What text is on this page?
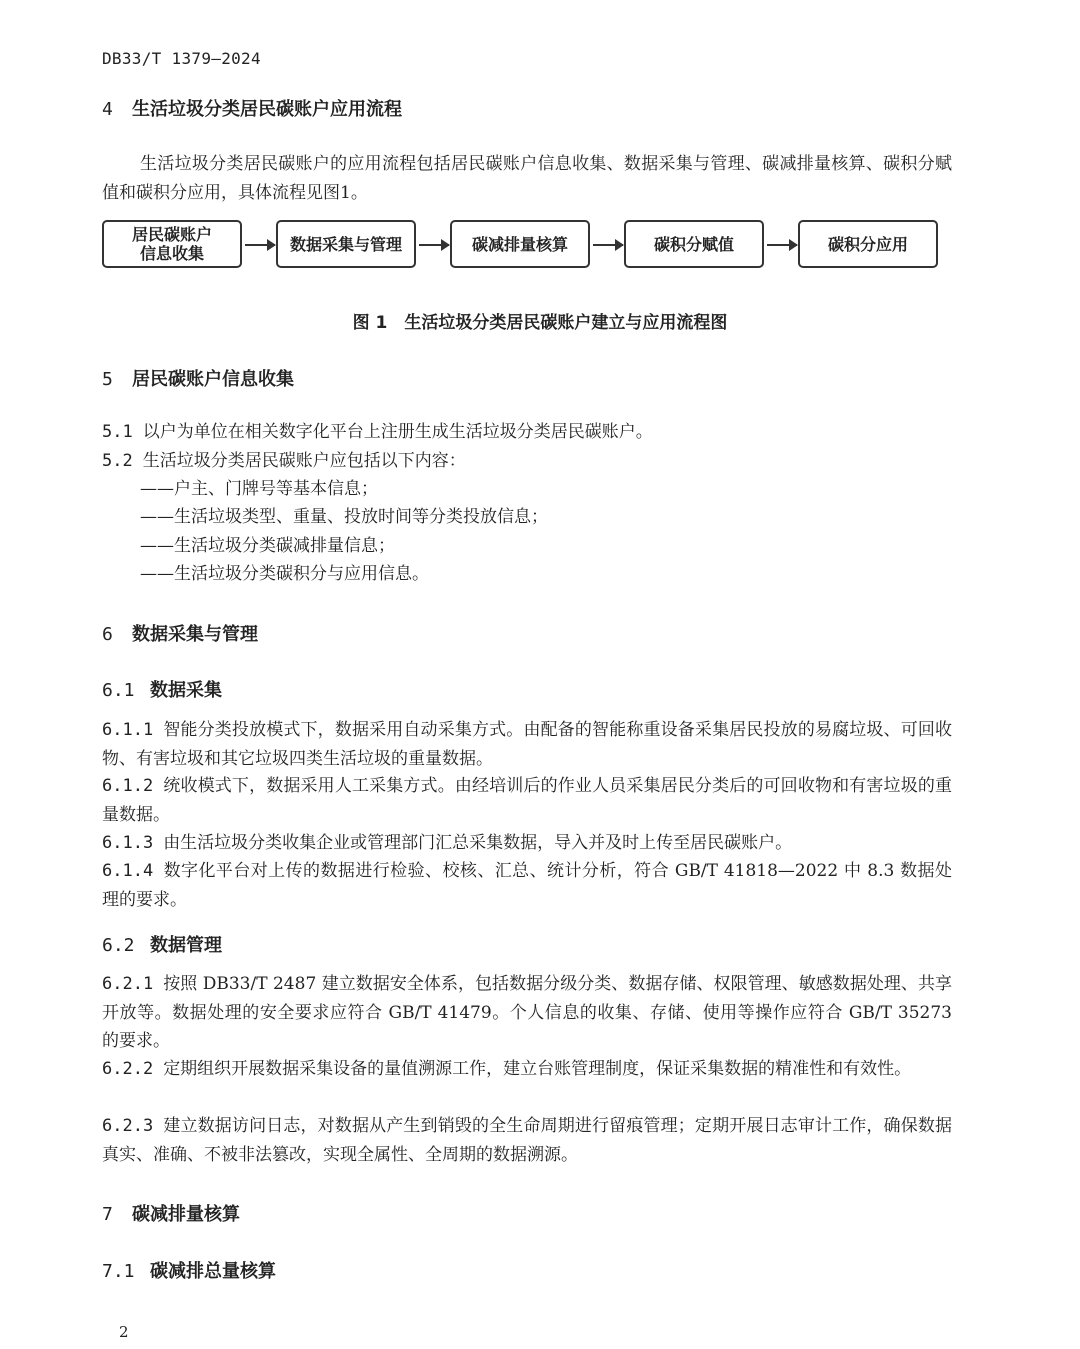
DB33/T 1379—2024
4 生活垃圾分类居民碳账户应用流程
生活垃圾分类居民碳账户的应用流程包括居民碳账户信息收集、数据采集与管理、碳减排量核算、碳积分赋值和碳积分应用，具体流程见图1。
居民碳账户
信息收集	数据采集与管理	碳减排量核算	碳积分赋值	碳积分应用
图 1　生活垃圾分类居民碳账户建立与应用流程图
5 居民碳账户信息收集
5.1 以户为单位在相关数字化平台上注册生成生活垃圾分类居民碳账户。
5.2 生活垃圾分类居民碳账户应包括以下内容：
——户主、门牌号等基本信息；
——生活垃圾类型、重量、投放时间等分类投放信息；
——生活垃圾分类碳减排量信息；
——生活垃圾分类碳积分与应用信息。
6 数据采集与管理
6.1 数据采集
6.1.1 智能分类投放模式下，数据采用自动采集方式。由配备的智能称重设备采集居民投放的易腐垃圾、可回收物、有害垃圾和其它垃圾四类生活垃圾的重量数据。
6.1.2 统收模式下，数据采用人工采集方式。由经培训后的作业人员采集居民分类后的可回收物和有害垃圾的重量数据。
6.1.3 由生活垃圾分类收集企业或管理部门汇总采集数据，导入并及时上传至居民碳账户。
6.1.4 数字化平台对上传的数据进行检验、校核、汇总、统计分析，符合 GB/T 41818—2022 中 8.3 数据处理的要求。
6.2 数据管理
6.2.1 按照 DB33/T 2487 建立数据安全体系，包括数据分级分类、数据存储、权限管理、敏感数据处理、共享开放等。数据处理的安全要求应符合 GB/T 41479。个人信息的收集、存储、使用等操作应符合 GB/T 35273 的要求。
6.2.2 定期组织开展数据采集设备的量值溯源工作，建立台账管理制度，保证采集数据的精准性和有效性。
6.2.3 建立数据访问日志，对数据从产生到销毁的全生命周期进行留痕管理；定期开展日志审计工作，确保数据真实、准确、不被非法篡改，实现全属性、全周期的数据溯源。
7 碳减排量核算
7.1 碳减排总量核算
2
